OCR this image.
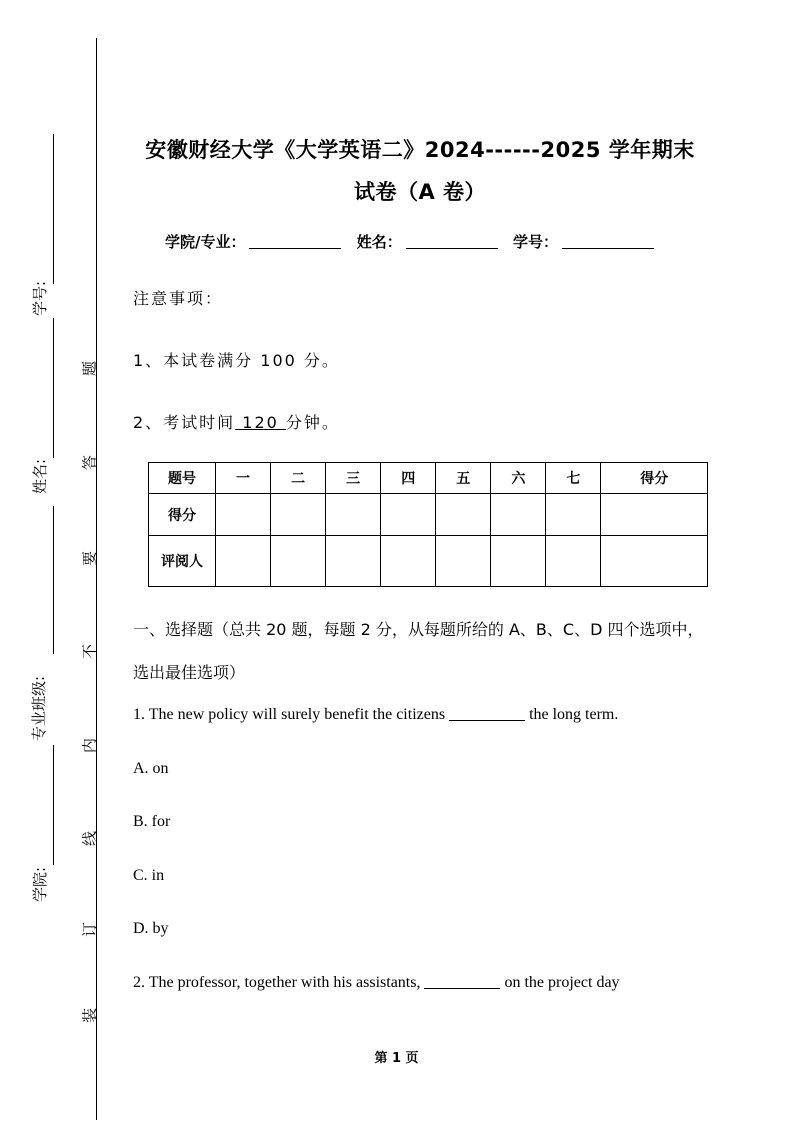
学号:
姓名:
专业班级:
学院:
题
答
要
不
内
线
订
装
安徽财经大学《大学英语二》2024------2025 学年期末
试卷（A 卷）
学院/专业：	姓名：	学号：
注意事项：
1、本试卷满分 100 分。
2、考试时间 120 分钟。
题号	一	二	三	四	五	六	七	得分
得分								
评阅人								
一、选择题（总共 20 题，每题 2 分，从每题所给的 A、B、C、D 四个选项中，选出最佳选项）
1. The new policy will surely benefit the citizens	the long term.
A. on
B. for
C. in
D. by
2. The professor, together with his assistants,	on the project day
第 1 页
